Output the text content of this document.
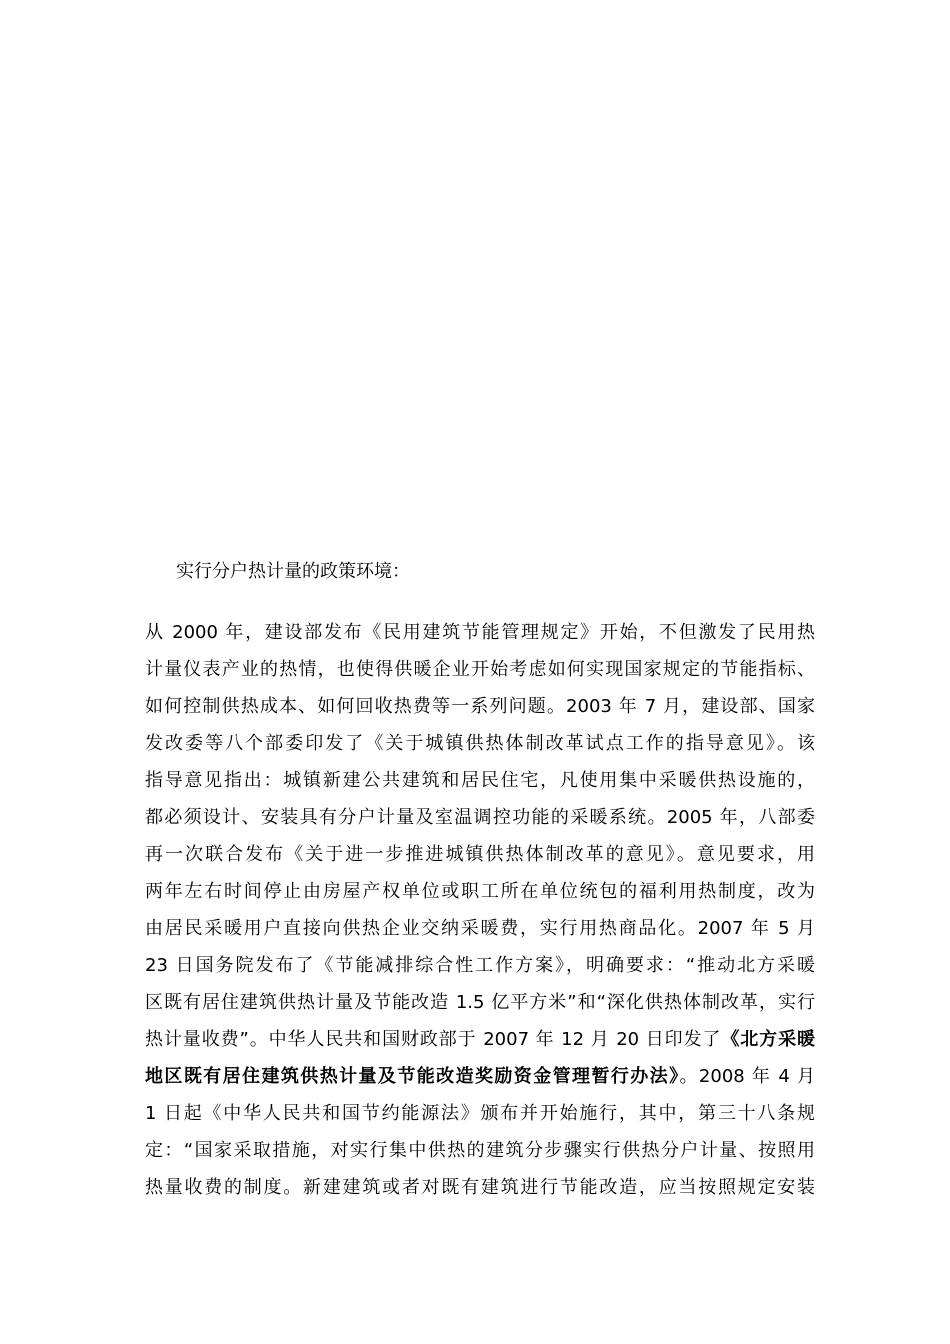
实行分户热计量的政策环境：
从 2000 年，建设部发布《民用建筑节能管理规定》开始，不但激发了民用热
计量仪表产业的热情，也使得供暖企业开始考虑如何实现国家规定的节能指标、
如何控制供热成本、如何回收热费等一系列问题。2003 年 7 月，建设部、国家
发改委等八个部委印发了《关于城镇供热体制改革试点工作的指导意见》。该
指导意见指出：城镇新建公共建筑和居民住宅，凡使用集中采暖供热设施的，
都必须设计、安装具有分户计量及室温调控功能的采暖系统。2005 年，八部委
再一次联合发布《关于进一步推进城镇供热体制改革的意见》。意见要求，用
两年左右时间停止由房屋产权单位或职工所在单位统包的福利用热制度，改为
由居民采暖用户直接向供热企业交纳采暖费，实行用热商品化。2007 年 5 月
23 日国务院发布了《节能减排综合性工作方案》，明确要求：“推动北方采暖
区既有居住建筑供热计量及节能改造 1.5 亿平方米”和“深化供热体制改革，实行
热计量收费”。中华人民共和国财政部于 2007 年 12 月 20 日印发了《北方采暖
地区既有居住建筑供热计量及节能改造奖励资金管理暂行办法》。2008 年 4 月
1 日起《中华人民共和国节约能源法》颁布并开始施行，其中，第三十八条规
定：“国家采取措施，对实行集中供热的建筑分步骤实行供热分户计量、按照用
热量收费的制度。新建建筑或者对既有建筑进行节能改造，应当按照规定安装
